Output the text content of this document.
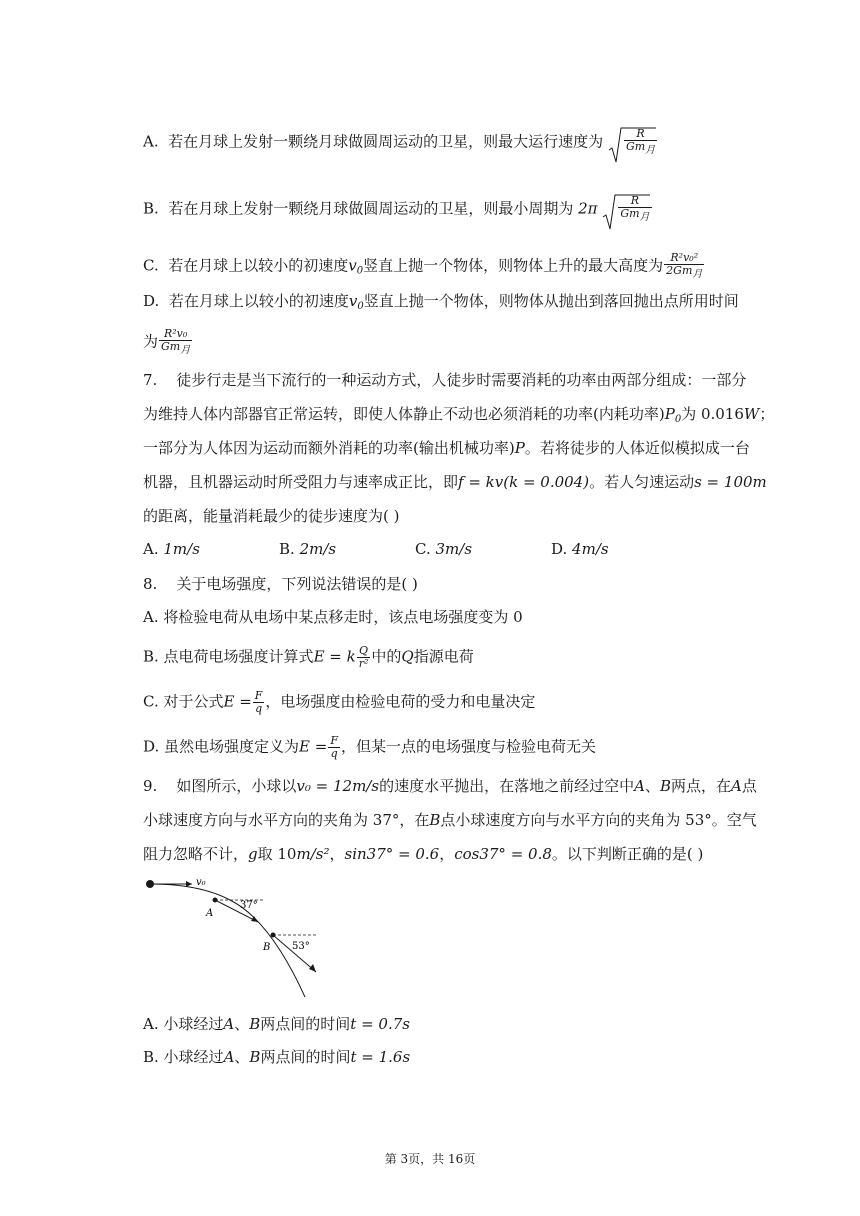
A. 若在月球上发射一颗绕月球做圆周运动的卫星，则最大运行速度为 $\frac{R}{\text{Gm月}}$
B. 若在月球上发射一颗绕月球做圆周运动的卫星，则最小周期为 $2\pi \frac{R}{\text{Gm月}}$
C. 若在月球上以较小的初速度$v_0$竖直上抛一个物体，则物体上升的最大高度为 $\frac{\text{R²v₀²}}{\text{2Gm月}}$
D. 若在月球上以较小的初速度$v_0$竖直上抛一个物体，则物体从抛出到落回抛出点所用时间
为 $\frac{\text{R²v₀}}{\text{Gm月}}$
7. 徒步行走是当下流行的一种运动方式，人徒步时需要消耗的功率由两部分组成：一部分
为维持人体内部器官正常运转，即使人体静止不动也必须消耗的功率(内耗功率)$P_0$为 0.016W；
一部分为人体因为运动而额外消耗的功率(输出机械功率)P。若将徒步的人体近似模拟成一台
机器，且机器运动时所受阻力与速率成正比，即f = kv(k = 0.004)。若人匀速运动s = 100m
的距离，能量消耗最少的徒步速度为( )
A. 1m/s	B. 2m/s	C. 3m/s	D. 4m/s
8. 关于电场强度，下列说法错误的是( )
A. 将检验电荷从电场中某点移走时，该点电场强度变为 0
B. 点电荷电场强度计算式E = k $\frac{Q}{\text{r²}}$ 中的Q指源电荷
C. 对于公式$E = \frac{F}{q}$ ，电场强度由检验电荷的受力和电量决定
D. 虽然电场强度定义为$E = \frac{F}{q}$ ，但某一点的电场强度与检验电荷无关
9. 如图所示，小球以v₀ = 12m/s的速度水平抛出，在落地之前经过空中A、B两点，在A点
小球速度方向与水平方向的夹角为 37°，在B点小球速度方向与水平方向的夹角为 53°。空气
阻力忽略不计，g取 10m/s²，sin37° = 0.6，cos37° = 0.8。以下判断正确的是( )
v₀
A
37°
B 53°
A. 小球经过A、B两点间的时间t = 0.7s
B. 小球经过A、B两点间的时间t = 1.6s
第 3页，共 16页
